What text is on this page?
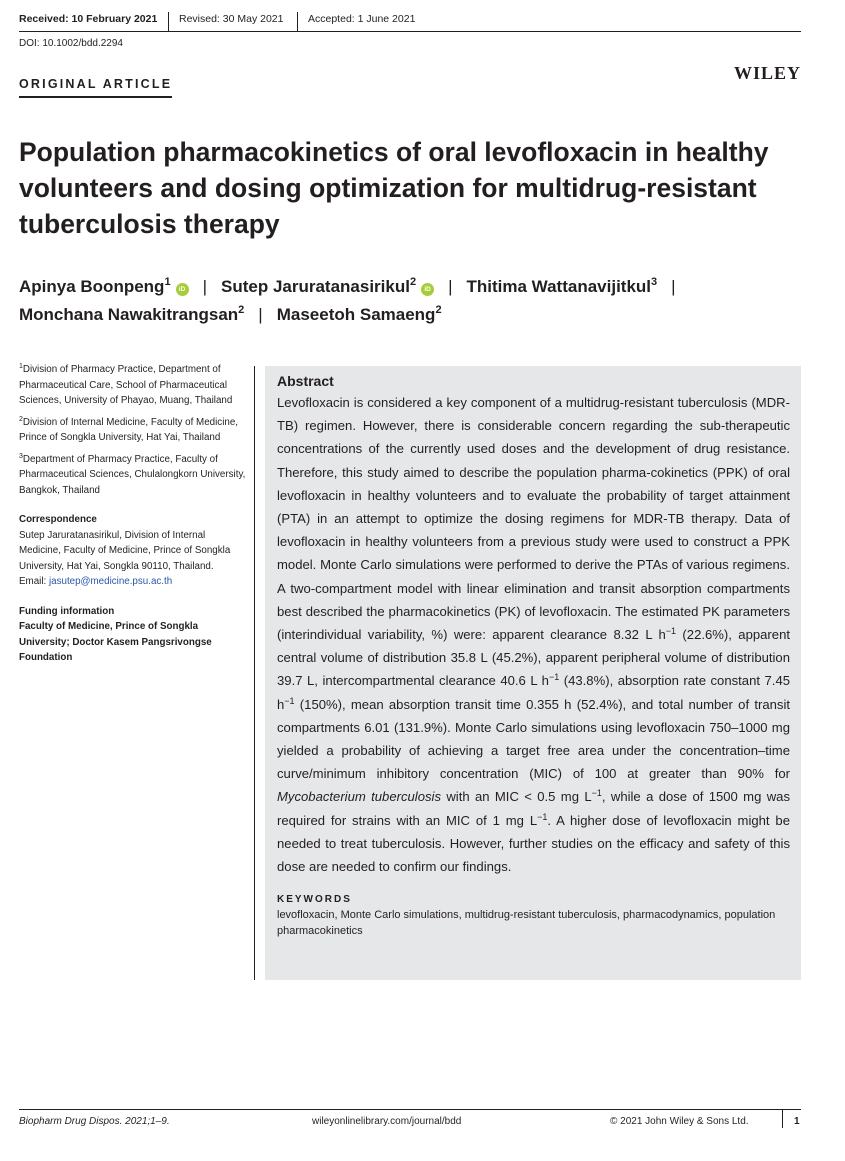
Received: 10 February 2021 Revised: 30 May 2021 Accepted: 1 June 2021
DOI: 10.1002/bdd.2294
ORIGINAL ARTICLE
WILEY
Population pharmacokinetics of oral levofloxacin in healthy volunteers and dosing optimization for multidrug-resistant tuberculosis therapy
Apinya Boonpeng$^1$iD | Sutep Jaruratanasirikul$^2$iD | Thitima Wattanavijitkul$^3$ |
Monchana Nawakitrangsan$^2$ | Maseetoh Samaeng$^2$
$^1$Division of Pharmacy Practice, Department of Pharmaceutical Care, School of Pharmaceutical Sciences, University of Phayao, Muang, Thailand
$^2$Division of Internal Medicine, Faculty of Medicine, Prince of Songkla University, Hat Yai, Thailand
$^3$Department of Pharmacy Practice, Faculty of Pharmaceutical Sciences, Chulalongkorn University, Bangkok, Thailand
Correspondence
Sutep Jaruratanasirikul, Division of Internal Medicine, Faculty of Medicine, Prince of Songkla University, Hat Yai, Songkla 90110, Thailand.
Email: jasutep@medicine.psu.ac.th
Funding information
Faculty of Medicine, Prince of Songkla University; Doctor Kasem Pangsrivongse Foundation
Abstract

Levofloxacin is considered a key component of a multidrug-resistant tuberculosis (MDR-TB) regimen. However, there is considerable concern regarding the sub-therapeutic concentrations of the currently used doses and the development of drug resistance. Therefore, this study aimed to describe the population pharma-cokinetics (PPK) of oral levofloxacin in healthy volunteers and to evaluate the probability of target attainment (PTA) in an attempt to optimize the dosing regimens for MDR-TB therapy. Data of levofloxacin in healthy volunteers from a previous study were used to construct a PPK model. Monte Carlo simulations were performed to derive the PTAs of various regimens. A two-compartment model with linear elimination and transit absorption compartments best described the pharmacokinetics (PK) of levofloxacin. The estimated PK parameters (interindividual variability, %) were: apparent clearance 8.32 L $h^{-1}$ (22.6%), apparent central volume of distribution 35.8 L (45.2%), apparent peripheral volume of distribution 39.7 L, intercompartmental clearance 40.6 L $h^{-1}$ (43.8%), absorption rate constant 7.45 $h^{-1}$ (150%), mean absorption transit time 0.355 h (52.4%), and total number of transit compartments 6.01 (131.9%). Monte Carlo simulations using levofloxacin 750–1000 mg yielded a probability of achieving a target free area under the concentration–time curve/minimum inhibitory concentration (MIC) of 100 at greater than 90% for Mycobacterium tuberculosis with an MIC < 0.5 mg $L^{-1}$, while a dose of 1500 mg was required for strains with an MIC of 1 mg $L^{-1}$. A higher dose of levofloxacin might be needed to treat tuberculosis. However, further studies on the efficacy and safety of this dose are needed to confirm our findings.

KEYWORDS
levofloxacin, Monte Carlo simulations, multidrug-resistant tuberculosis, pharmacodynamics, population pharmacokinetics
Biopharm Drug Dispos. 2021;1–9.	wileyonlinelibrary.com/journal/bdd	© 2021 John Wiley & Sons Ltd.	1
